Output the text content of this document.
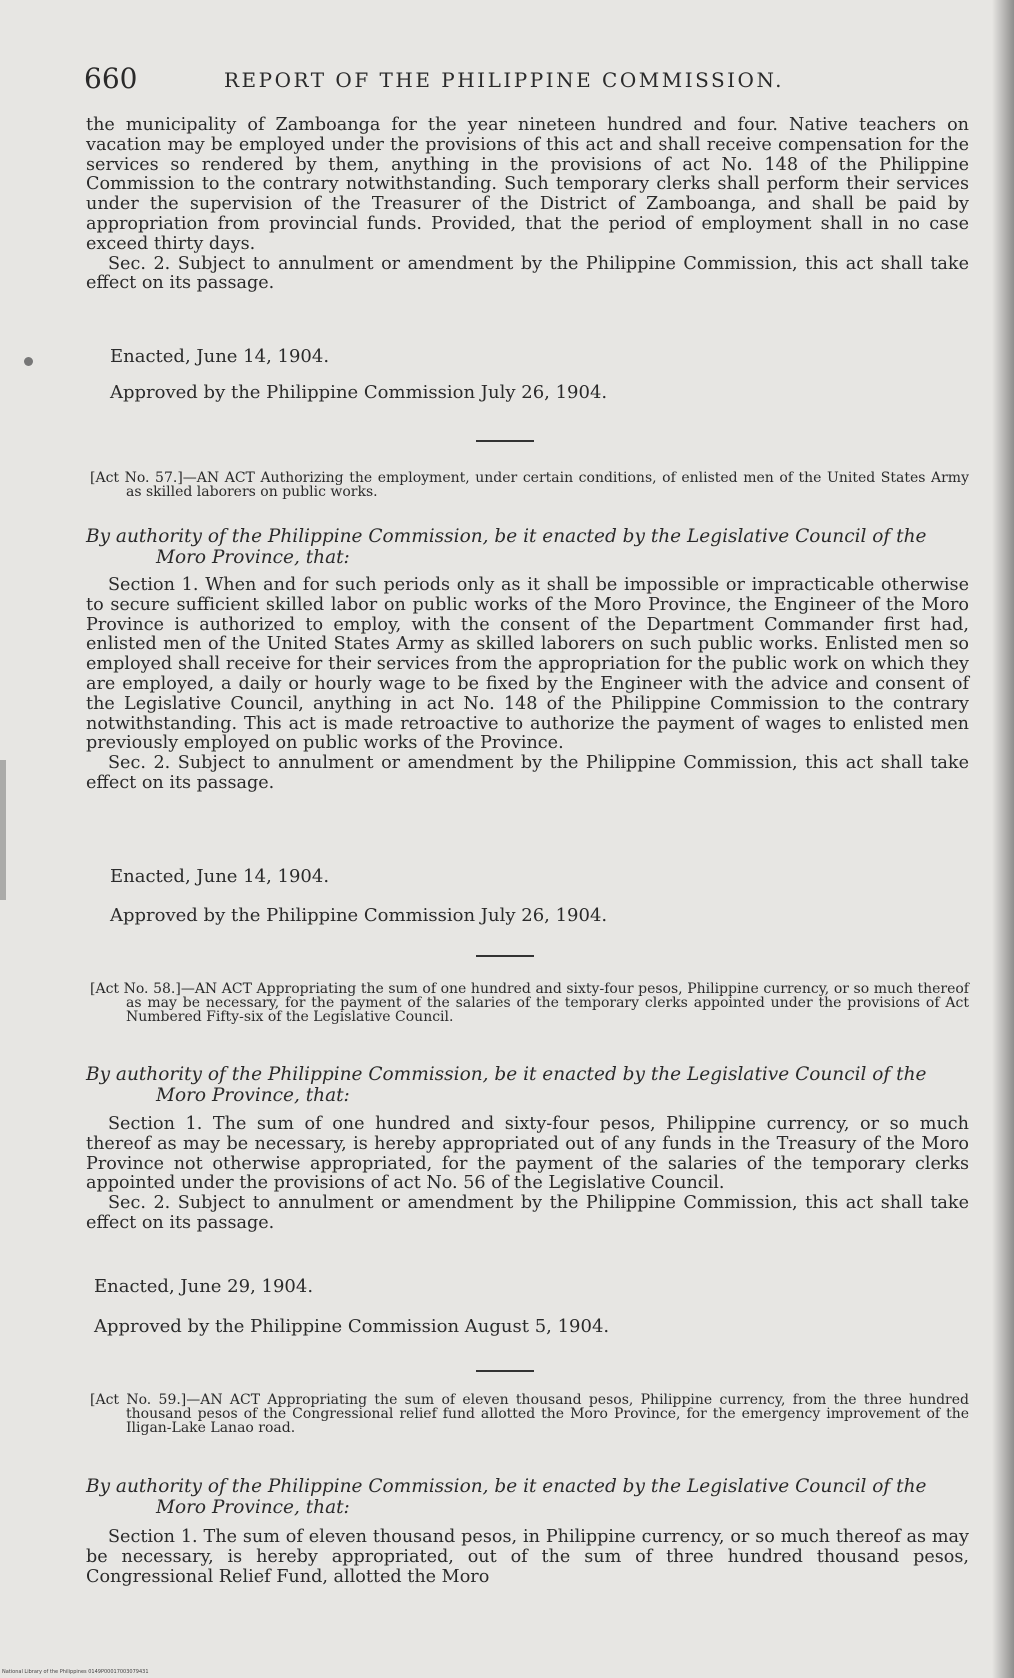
660	REPORT OF THE PHILIPPINE COMMISSION.

the municipality of Zamboanga for the year nineteen hundred and four. Native teachers on vacation may be employed under the provisions of this act and shall receive compensation for the services so rendered by them, anything in the provisions of act No. 148 of the Philippine Commission to the contrary notwithstanding. Such temporary clerks shall perform their services under the supervision of the Treasurer of the District of Zamboanga, and shall be paid by appropriation from provincial funds. Provided, that the period of employment shall in no case exceed thirty days.

Sec. 2. Subject to annulment or amendment by the Philippine Commission, this act shall take effect on its passage.

Enacted, June 14, 1904.
Approved by the Philippine Commission July 26, 1904.
[Act No. 57.]—AN ACT Authorizing the employment, under certain conditions, of enlisted men of the United States Army as skilled laborers on public works.
By authority of the Philippine Commission, be it enacted by the Legislative Council of the Moro Province, that:

Section 1. When and for such periods only as it shall be impossible or impracticable otherwise to secure sufficient skilled labor on public works of the Moro Province, the Engineer of the Moro Province is authorized to employ, with the consent of the Department Commander first had, enlisted men of the United States Army as skilled laborers on such public works. Enlisted men so employed shall receive for their services from the appropriation for the public work on which they are employed, a daily or hourly wage to be fixed by the Engineer with the advice and consent of the Legislative Council, anything in act No. 148 of the Philippine Commission to the contrary notwithstanding. This act is made retroactive to authorize the payment of wages to enlisted men previously employed on public works of the Province.

Sec. 2. Subject to annulment or amendment by the Philippine Commission, this act shall take effect on its passage.

Enacted, June 14, 1904.
Approved by the Philippine Commission July 26, 1904.
[Act No. 58.]—AN ACT Appropriating the sum of one hundred and sixty-four pesos, Philippine currency, or so much thereof as may be necessary, for the payment of the salaries of the temporary clerks appointed under the provisions of Act Numbered Fifty-six of the Legislative Council.
By authority of the Philippine Commission, be it enacted by the Legislative Council of the Moro Province, that:

Section 1. The sum of one hundred and sixty-four pesos, Philippine currency, or so much thereof as may be necessary, is hereby appropriated out of any funds in the Treasury of the Moro Province not otherwise appropriated, for the payment of the salaries of the temporary clerks appointed under the provisions of act No. 56 of the Legislative Council.

Sec. 2. Subject to annulment or amendment by the Philippine Commission, this act shall take effect on its passage.

Enacted, June 29, 1904.
Approved by the Philippine Commission August 5, 1904.
[Act No. 59.]—AN ACT Appropriating the sum of eleven thousand pesos, Philippine currency, from the three hundred thousand pesos of the Congressional relief fund allotted the Moro Province, for the emergency improvement of the Iligan-Lake Lanao road.
By authority of the Philippine Commission, be it enacted by the Legislative Council of the Moro Province, that:

Section 1. The sum of eleven thousand pesos, in Philippine currency, or so much thereof as may be necessary, is hereby appropriated, out of the sum of three hundred thousand pesos, Congressional Relief Fund, allotted the Moro

National Library of the Philippines 0149P00017003079431
